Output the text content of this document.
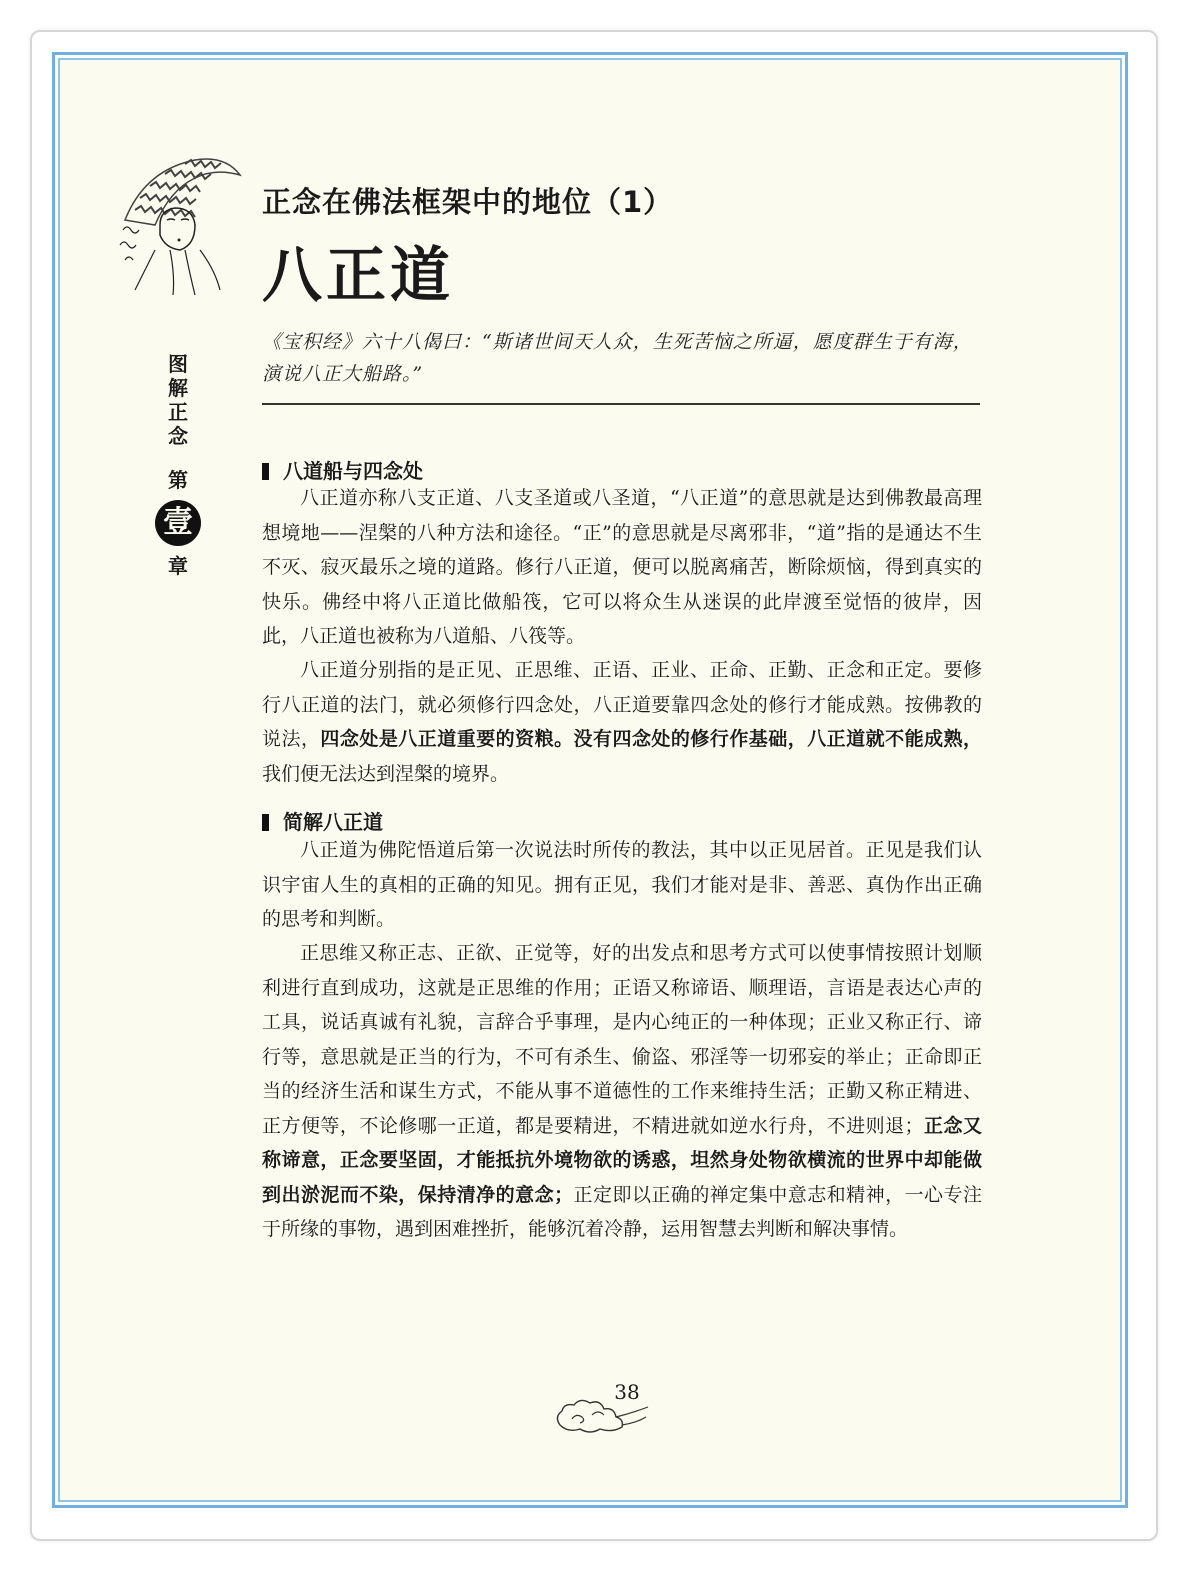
正念在佛法框架中的地位（1）
八正道
图
解
正
念
第
壹
章
《宝积经》六十八偈曰：“斯诸世间天人众，生死苦恼之所逼，愿度群生于有海，演说八正大船路。”
八道船与四念处

八正道亦称八支正道、八支圣道或八圣道，“八正道”的意思就是达到佛教最高理想境地——涅槃的八种方法和途径。“正”的意思就是尽离邪非，“道”指的是通达不生不灭、寂灭最乐之境的道路。修行八正道，便可以脱离痛苦，断除烦恼，得到真实的快乐。佛经中将八正道比做船筏，它可以将众生从迷误的此岸渡至觉悟的彼岸，因此，八正道也被称为八道船、八筏等。

八正道分别指的是正见、正思维、正语、正业、正命、正勤、正念和正定。要修行八正道的法门，就必须修行四念处，八正道要靠四念处的修行才能成熟。按佛教的说法，四念处是八正道重要的资粮。没有四念处的修行作基础，八正道就不能成熟，我们便无法达到涅槃的境界。

简解八正道

八正道为佛陀悟道后第一次说法时所传的教法，其中以正见居首。正见是我们认识宇宙人生的真相的正确的知见。拥有正见，我们才能对是非、善恶、真伪作出正确的思考和判断。

正思维又称正志、正欲、正觉等，好的出发点和思考方式可以使事情按照计划顺利进行直到成功，这就是正思维的作用；正语又称谛语、顺理语，言语是表达心声的工具，说话真诚有礼貌，言辞合乎事理，是内心纯正的一种体现；正业又称正行、谛行等，意思就是正当的行为，不可有杀生、偷盗、邪淫等一切邪妄的举止；正命即正当的经济生活和谋生方式，不能从事不道德性的工作来维持生活；正勤又称正精进、正方便等，不论修哪一正道，都是要精进，不精进就如逆水行舟，不进则退；正念又称谛意，正念要坚固，才能抵抗外境物欲的诱惑，坦然身处物欲横流的世界中却能做到出淤泥而不染，保持清净的意念；正定即以正确的禅定集中意志和精神，一心专注于所缘的事物，遇到困难挫折，能够沉着冷静，运用智慧去判断和解决事情。

38
